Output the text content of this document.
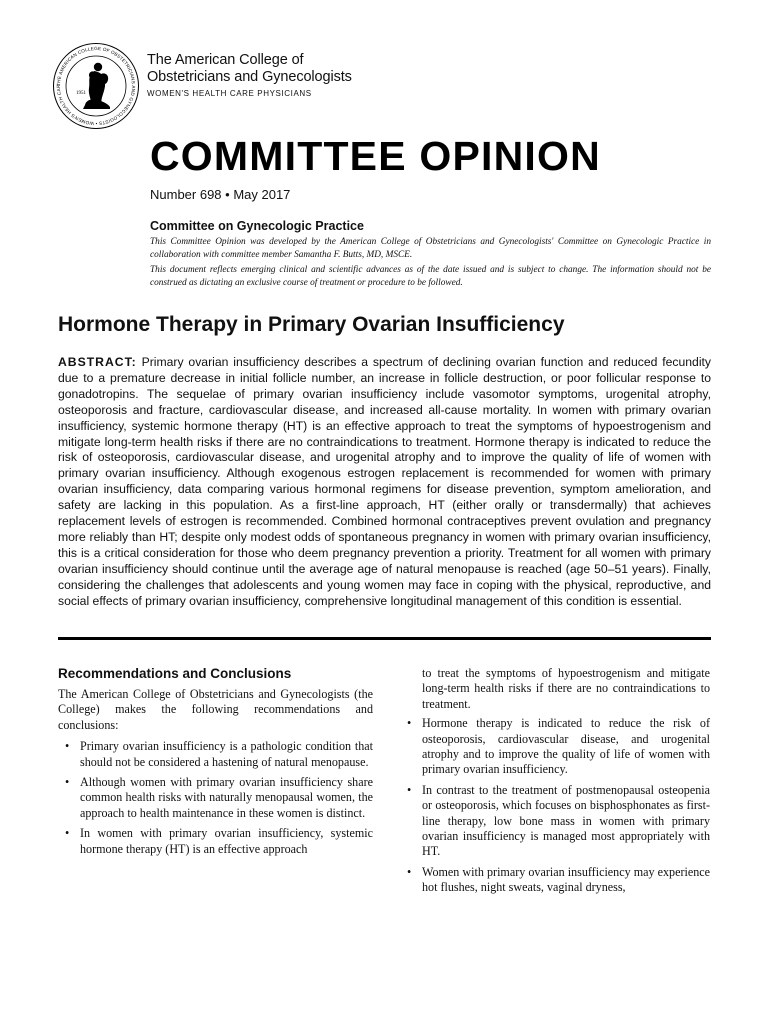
THE AMERICAN COLLEGE OF OBSTETRICIANS AND GYNECOLOGISTS • WOMEN'S HEALTH CAR
1951
The American College of
Obstetricians and Gynecologists
WOMEN'S HEALTH CARE PHYSICIANS
COMMITTEE OPINION
Number 698 • May 2017
Committee on Gynecologic Practice

This Committee Opinion was developed by the American College of Obstetricians and Gynecologists' Committee on Gynecologic Practice in collaboration with committee member Samantha F. Butts, MD, MSCE.

This document reflects emerging clinical and scientific advances as of the date issued and is subject to change. The information should not be construed as dictating an exclusive course of treatment or procedure to be followed.

Hormone Therapy in Primary Ovarian Insufficiency

ABSTRACT: Primary ovarian insufficiency describes a spectrum of declining ovarian function and reduced fecundity due to a premature decrease in initial follicle number, an increase in follicle destruction, or poor follicular response to gonadotropins. The sequelae of primary ovarian insufficiency include vasomotor symptoms, urogenital atrophy, osteoporosis and fracture, cardiovascular disease, and increased all-cause mortality. In women with primary ovarian insufficiency, systemic hormone therapy (HT) is an effective approach to treat the symptoms of hypoestrogenism and mitigate long-term health risks if there are no contraindications to treatment. Hormone therapy is indicated to reduce the risk of osteoporosis, cardiovascular disease, and urogenital atrophy and to improve the quality of life of women with primary ovarian insufficiency. Although exogenous estrogen replacement is recommended for women with primary ovarian insufficiency, data comparing various hormonal regimens for disease prevention, symptom amelioration, and safety are lacking in this population. As a first-line approach, HT (either orally or transdermally) that achieves replacement levels of estrogen is recommended. Combined hormonal contraceptives prevent ovulation and pregnancy more reliably than HT; despite only modest odds of spontaneous pregnancy in women with primary ovarian insufficiency, this is a critical consideration for those who deem pregnancy prevention a priority. Treatment for all women with primary ovarian insufficiency should continue until the average age of natural menopause is reached (age 50–51 years). Finally, considering the challenges that adolescents and young women may face in coping with the physical, reproductive, and social effects of primary ovarian insufficiency, comprehensive longitudinal management of this condition is essential.

Recommendations and Conclusions

The American College of Obstetricians and Gynecologists (the College) makes the following recommendations and conclusions:

• Primary ovarian insufficiency is a pathologic condition that should not be considered a hastening of natural menopause.
• Although women with primary ovarian insufficiency share common health risks with naturally menopausal women, the approach to health maintenance in these women is distinct.
• In women with primary ovarian insufficiency, systemic hormone therapy (HT) is an effective approach

to treat the symptoms of hypoestrogenism and mitigate long-term health risks if there are no contraindications to treatment.

• Hormone therapy is indicated to reduce the risk of osteoporosis, cardiovascular disease, and urogenital atrophy and to improve the quality of life of women with primary ovarian insufficiency.
• In contrast to the treatment of postmenopausal osteopenia or osteoporosis, which focuses on bisphosphonates as first-line therapy, low bone mass in women with primary ovarian insufficiency is managed most appropriately with HT.
• Women with primary ovarian insufficiency may experience hot flushes, night sweats, vaginal dryness,
